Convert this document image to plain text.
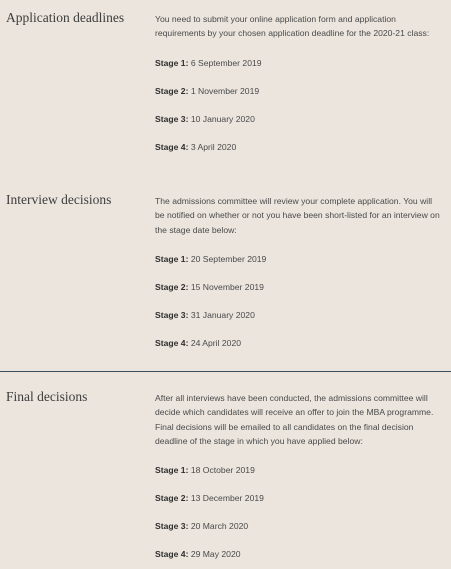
Application deadlines	You need to submit your online application form and application requirements by your chosen application deadline for the 2020-21 class:

Stage 1: 6 September 2019
Stage 2: 1 November 2019
Stage 3: 10 January 2020
Stage 4: 3 April 2020
Interview decisions	The admissions committee will review your complete application. You will be notified on whether or not you have been short-listed for an interview on the stage date below:

Stage 1: 20 September 2019
Stage 2: 15 November 2019
Stage 3: 31 January 2020
Stage 4: 24 April 2020
Final decisions	After all interviews have been conducted, the admissions committee will decide which candidates will receive an offer to join the MBA programme. Final decisions will be emailed to all candidates on the final decision deadline of the stage in which you have applied below:

Stage 1: 18 October 2019
Stage 2: 13 December 2019
Stage 3: 20 March 2020
Stage 4: 29 May 2020
